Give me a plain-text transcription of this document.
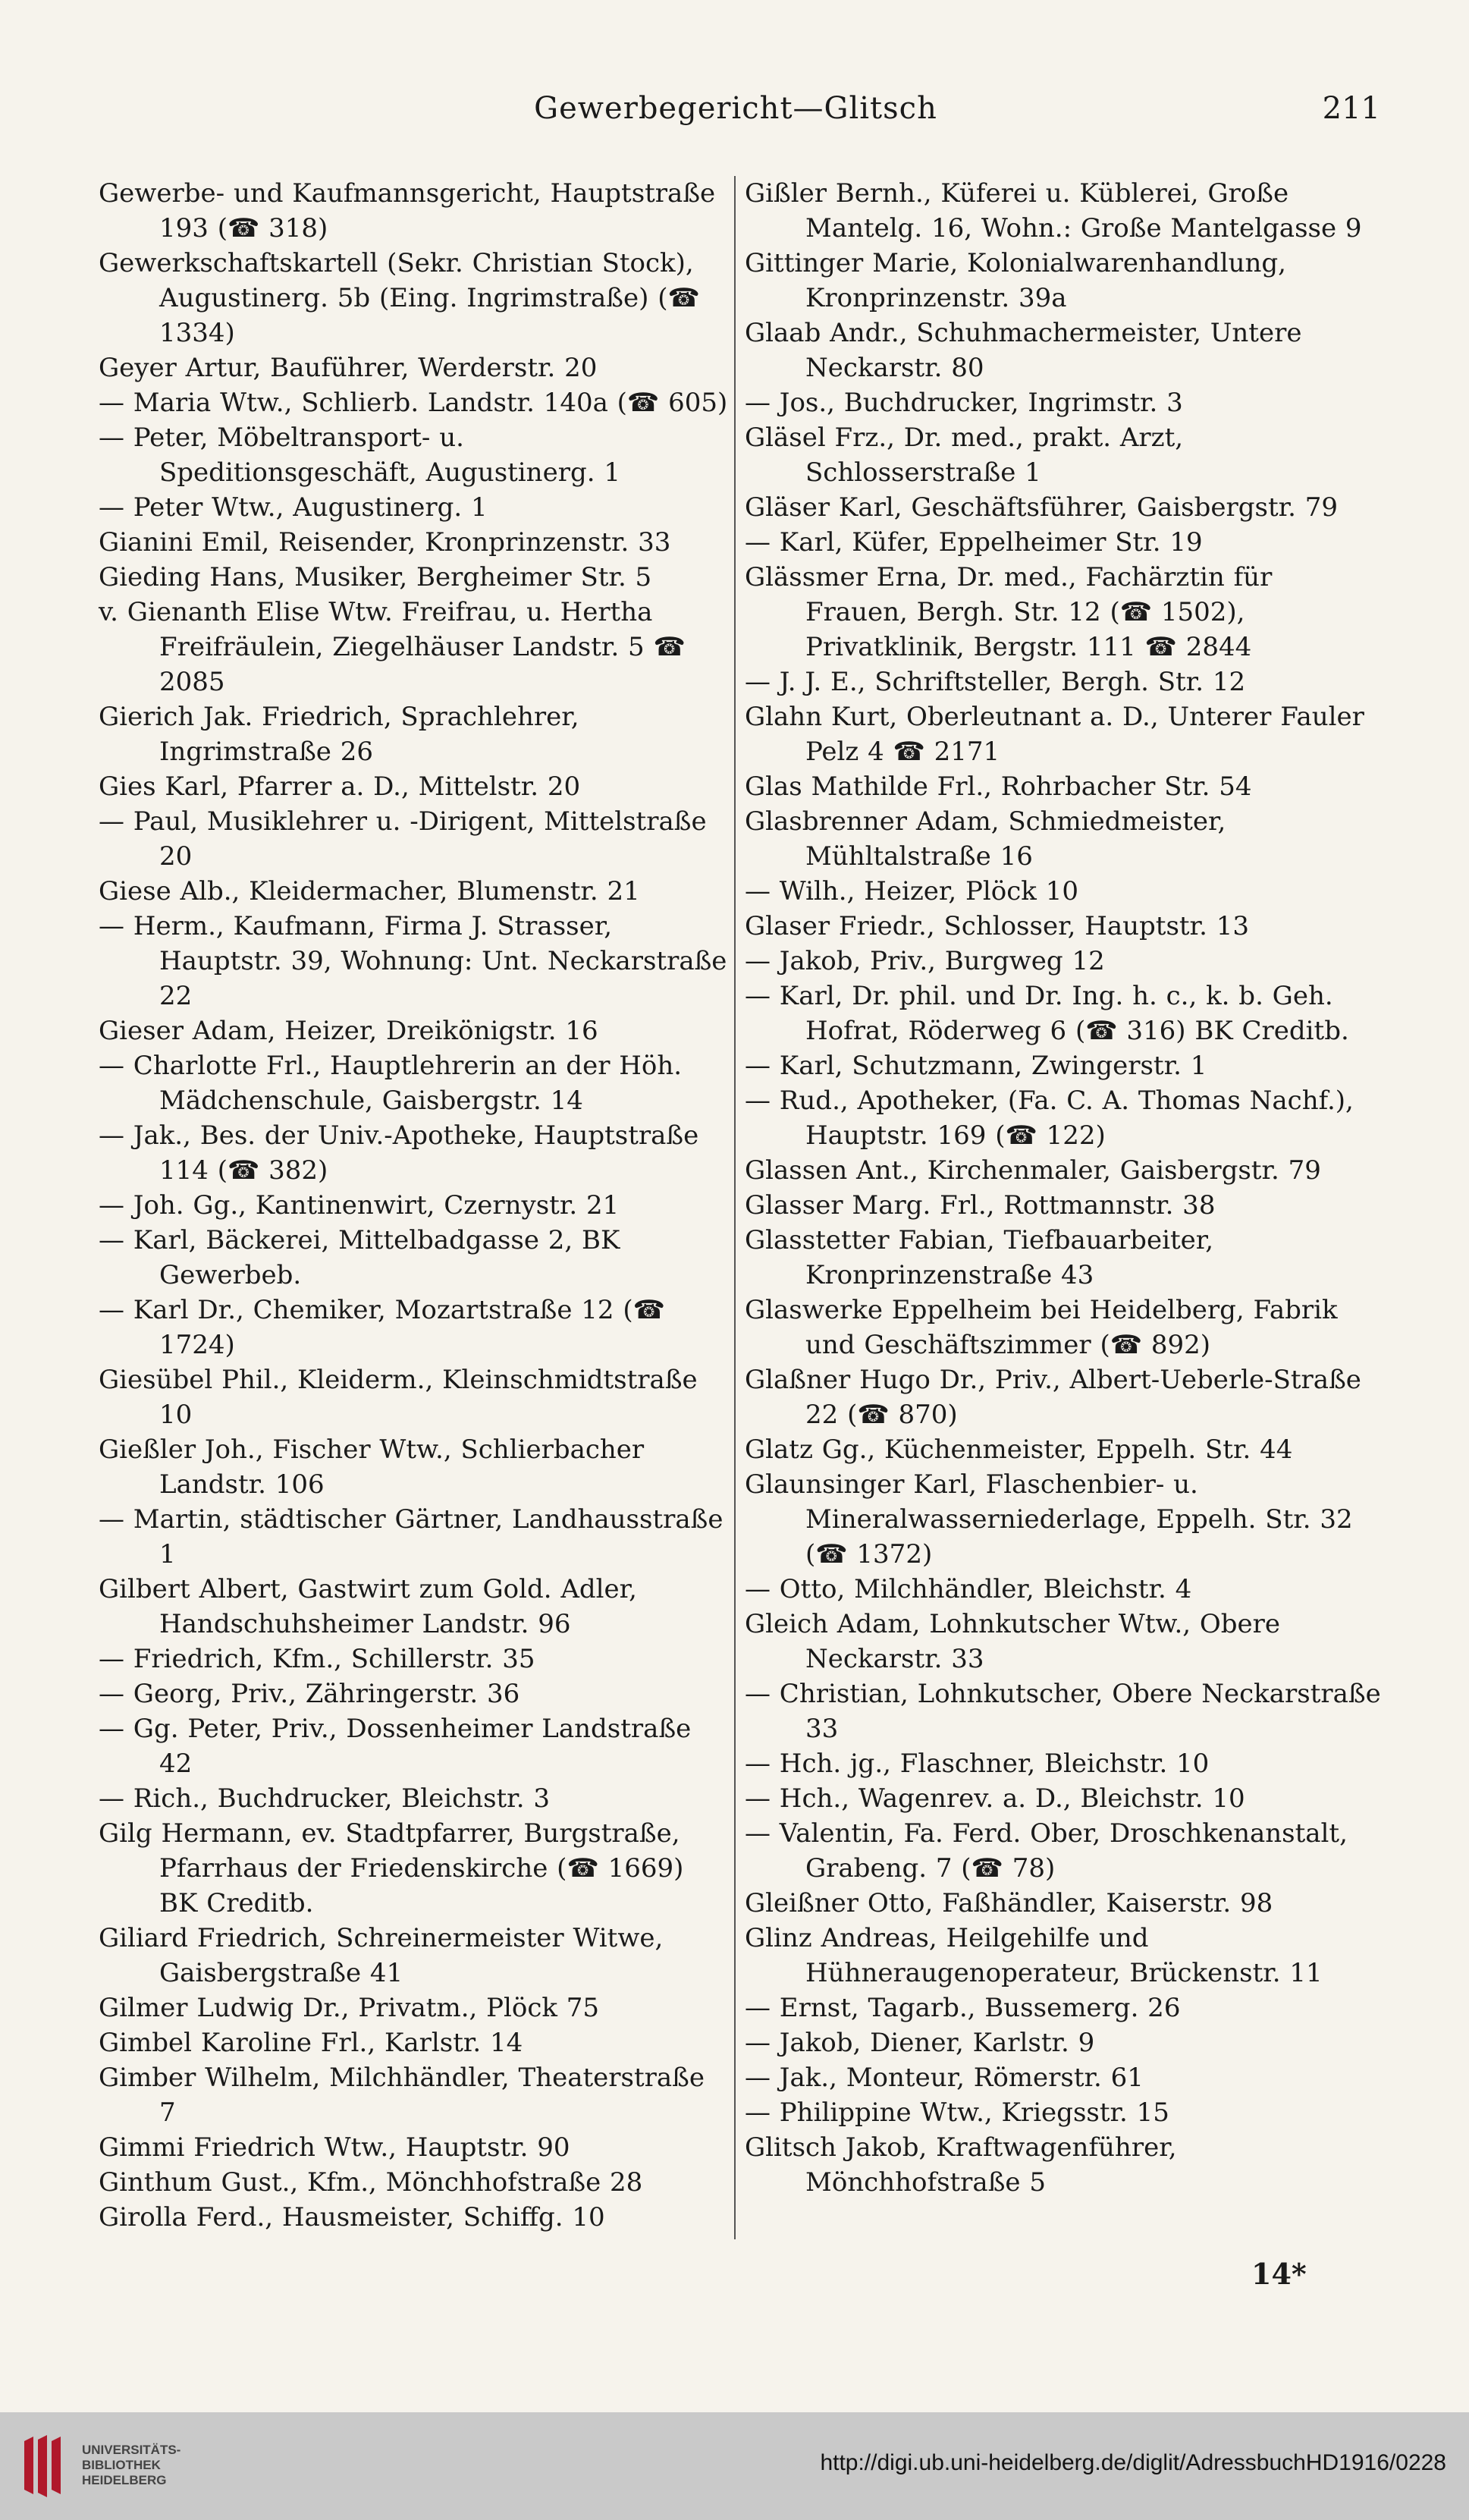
Gewerbegericht—Glitsch	211
Gewerbe- und Kaufmannsgericht, Hauptstraße 193 (☎ 318)
Gewerkschaftskartell (Sekr. Christian Stock), Augustinerg. 5b (Eing. Ingrimstraße) (☎ 1334)
Geyer Artur, Bauführer, Werderstr. 20
— Maria Wtw., Schlierb. Landstr. 140a (☎ 605)
— Peter, Möbeltransport- u. Speditionsgeschäft, Augustinerg. 1
— Peter Wtw., Augustinerg. 1
Gianini Emil, Reisender, Kronprinzenstr. 33
Gieding Hans, Musiker, Bergheimer Str. 5
v. Gienanth Elise Wtw. Freifrau, u. Hertha Freifräulein, Ziegelhäuser Landstr. 5 ☎ 2085
Gierich Jak. Friedrich, Sprachlehrer, Ingrimstraße 26
Gies Karl, Pfarrer a. D., Mittelstr. 20
— Paul, Musiklehrer u. -Dirigent, Mittelstraße 20
Giese Alb., Kleidermacher, Blumenstr. 21
— Herm., Kaufmann, Firma J. Strasser, Hauptstr. 39, Wohnung: Unt. Neckarstraße 22
Gieser Adam, Heizer, Dreikönigstr. 16
— Charlotte Frl., Hauptlehrerin an der Höh. Mädchenschule, Gaisbergstr. 14
— Jak., Bes. der Univ.-Apotheke, Hauptstraße 114 (☎ 382)
— Joh. Gg., Kantinenwirt, Czernystr. 21
— Karl, Bäckerei, Mittelbadgasse 2, BK Gewerbeb.
— Karl Dr., Chemiker, Mozartstraße 12 (☎ 1724)
Giesübel Phil., Kleiderm., Kleinschmidtstraße 10
Gießler Joh., Fischer Wtw., Schlierbacher Landstr. 106
— Martin, städtischer Gärtner, Landhausstraße 1
Gilbert Albert, Gastwirt zum Gold. Adler, Handschuhsheimer Landstr. 96
— Friedrich, Kfm., Schillerstr. 35
— Georg, Priv., Zähringerstr. 36
— Gg. Peter, Priv., Dossenheimer Landstraße 42
— Rich., Buchdrucker, Bleichstr. 3
Gilg Hermann, ev. Stadtpfarrer, Burgstraße, Pfarrhaus der Friedenskirche (☎ 1669) BK Creditb.
Giliard Friedrich, Schreinermeister Witwe, Gaisbergstraße 41
Gilmer Ludwig Dr., Privatm., Plöck 75
Gimbel Karoline Frl., Karlstr. 14
Gimber Wilhelm, Milchhändler, Theaterstraße 7
Gimmi Friedrich Wtw., Hauptstr. 90
Ginthum Gust., Kfm., Mönchhofstraße 28
Girolla Ferd., Hausmeister, Schiffg. 10
Gißler Bernh., Küferei u. Küblerei, Große Mantelg. 16, Wohn.: Große Mantelgasse 9
Gittinger Marie, Kolonialwarenhandlung, Kronprinzenstr. 39a
Glaab Andr., Schuhmachermeister, Untere Neckarstr. 80
— Jos., Buchdrucker, Ingrimstr. 3
Gläsel Frz., Dr. med., prakt. Arzt, Schlosserstraße 1
Gläser Karl, Geschäftsführer, Gaisbergstr. 79
— Karl, Küfer, Eppelheimer Str. 19
Glässmer Erna, Dr. med., Fachärztin für Frauen, Bergh. Str. 12 (☎ 1502), Privatklinik, Bergstr. 111 ☎ 2844
— J. J. E., Schriftsteller, Bergh. Str. 12
Glahn Kurt, Oberleutnant a. D., Unterer Fauler Pelz 4 ☎ 2171
Glas Mathilde Frl., Rohrbacher Str. 54
Glasbrenner Adam, Schmiedmeister, Mühltalstraße 16
— Wilh., Heizer, Plöck 10
Glaser Friedr., Schlosser, Hauptstr. 13
— Jakob, Priv., Burgweg 12
— Karl, Dr. phil. und Dr. Ing. h. c., k. b. Geh. Hofrat, Röderweg 6 (☎ 316) BK Creditb.
— Karl, Schutzmann, Zwingerstr. 1
— Rud., Apotheker, (Fa. C. A. Thomas Nachf.), Hauptstr. 169 (☎ 122)
Glassen Ant., Kirchenmaler, Gaisbergstr. 79
Glasser Marg. Frl., Rottmannstr. 38
Glasstetter Fabian, Tiefbauarbeiter, Kronprinzenstraße 43
Glaswerke Eppelheim bei Heidelberg, Fabrik und Geschäftszimmer (☎ 892)
Glaßner Hugo Dr., Priv., Albert-Ueberle-Straße 22 (☎ 870)
Glatz Gg., Küchenmeister, Eppelh. Str. 44
Glaunsinger Karl, Flaschenbier- u. Mineralwasserniederlage, Eppelh. Str. 32 (☎ 1372)
— Otto, Milchhändler, Bleichstr. 4
Gleich Adam, Lohnkutscher Wtw., Obere Neckarstr. 33
— Christian, Lohnkutscher, Obere Neckarstraße 33
— Hch. jg., Flaschner, Bleichstr. 10
— Hch., Wagenrev. a. D., Bleichstr. 10
— Valentin, Fa. Ferd. Ober, Droschkenanstalt, Grabeng. 7 (☎ 78)
Gleißner Otto, Faßhändler, Kaiserstr. 98
Glinz Andreas, Heilgehilfe und Hühneraugenoperateur, Brückenstr. 11
— Ernst, Tagarb., Bussemerg. 26
— Jakob, Diener, Karlstr. 9
— Jak., Monteur, Römerstr. 61
— Philippine Wtw., Kriegsstr. 15
Glitsch Jakob, Kraftwagenführer, Mönchhofstraße 5
14*
UNIVERSITÄTS-
BIBLIOTHEK
HEIDELBERG
http://digi.ub.uni-heidelberg.de/diglit/AdressbuchHD1916/0228
